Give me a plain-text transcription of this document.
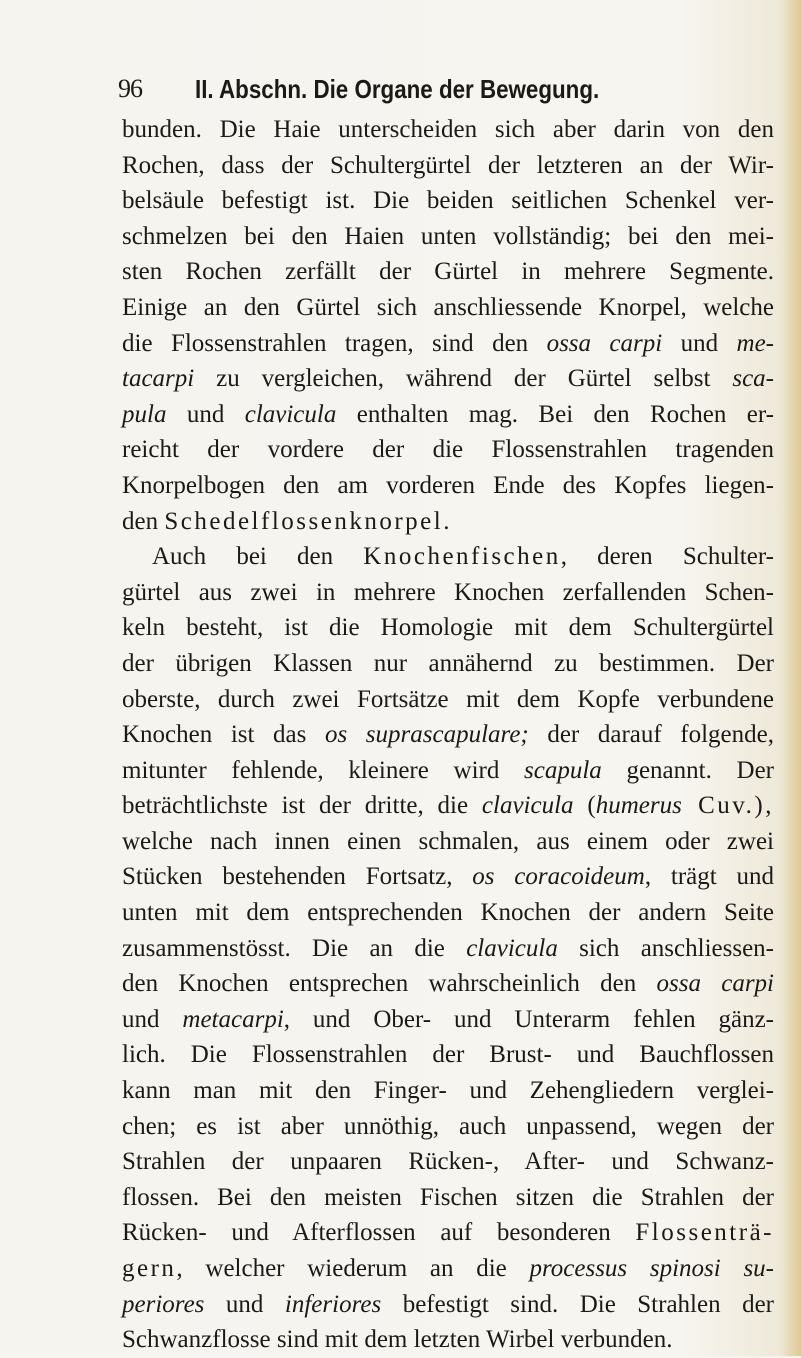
96 II. Abschn. Die Organe der Bewegung.
bunden. Die Haie unterscheiden sich aber darin von den
Rochen, dass der Schultergürtel der letzteren an der Wir-
belsäule befestigt ist. Die beiden seitlichen Schenkel ver-
schmelzen bei den Haien unten vollständig; bei den mei-
sten Rochen zerfällt der Gürtel in mehrere Segmente.
Einige an den Gürtel sich anschliessende Knorpel, welche
die Flossenstrahlen tragen, sind den ossa carpi und me-
tacarpi zu vergleichen, während der Gürtel selbst sca-
pula und clavicula enthalten mag. Bei den Rochen er-
reicht der vordere der die Flossenstrahlen tragenden
Knorpelbogen den am vorderen Ende des Kopfes liegen-
den Schedelflossenknorpel.
Auch bei den Knochenfischen, deren Schulter-
gürtel aus zwei in mehrere Knochen zerfallenden Schen-
keln besteht, ist die Homologie mit dem Schultergürtel
der übrigen Klassen nur annähernd zu bestimmen. Der
oberste, durch zwei Fortsätze mit dem Kopfe verbundene
Knochen ist das os suprascapulare; der darauf folgende,
mitunter fehlende, kleinere wird scapula genannt. Der
beträchtlichste ist der dritte, die clavicula (humerus Cuv.),
welche nach innen einen schmalen, aus einem oder zwei
Stücken bestehenden Fortsatz, os coracoideum, trägt und
unten mit dem entsprechenden Knochen der andern Seite
zusammenstösst. Die an die clavicula sich anschliessen-
den Knochen entsprechen wahrscheinlich den ossa carpi
und metacarpi, und Ober- und Unterarm fehlen gänz-
lich. Die Flossenstrahlen der Brust- und Bauchflossen
kann man mit den Finger- und Zehengliedern verglei-
chen; es ist aber unnöthig, auch unpassend, wegen der
Strahlen der unpaaren Rücken-, After- und Schwanz-
flossen. Bei den meisten Fischen sitzen die Strahlen der
Rücken- und Afterflossen auf besonderen Flossenträ-
gern, welcher wiederum an die processus spinosi su-
periores und inferiores befestigt sind. Die Strahlen der
Schwanzflosse sind mit dem letzten Wirbel verbunden.
